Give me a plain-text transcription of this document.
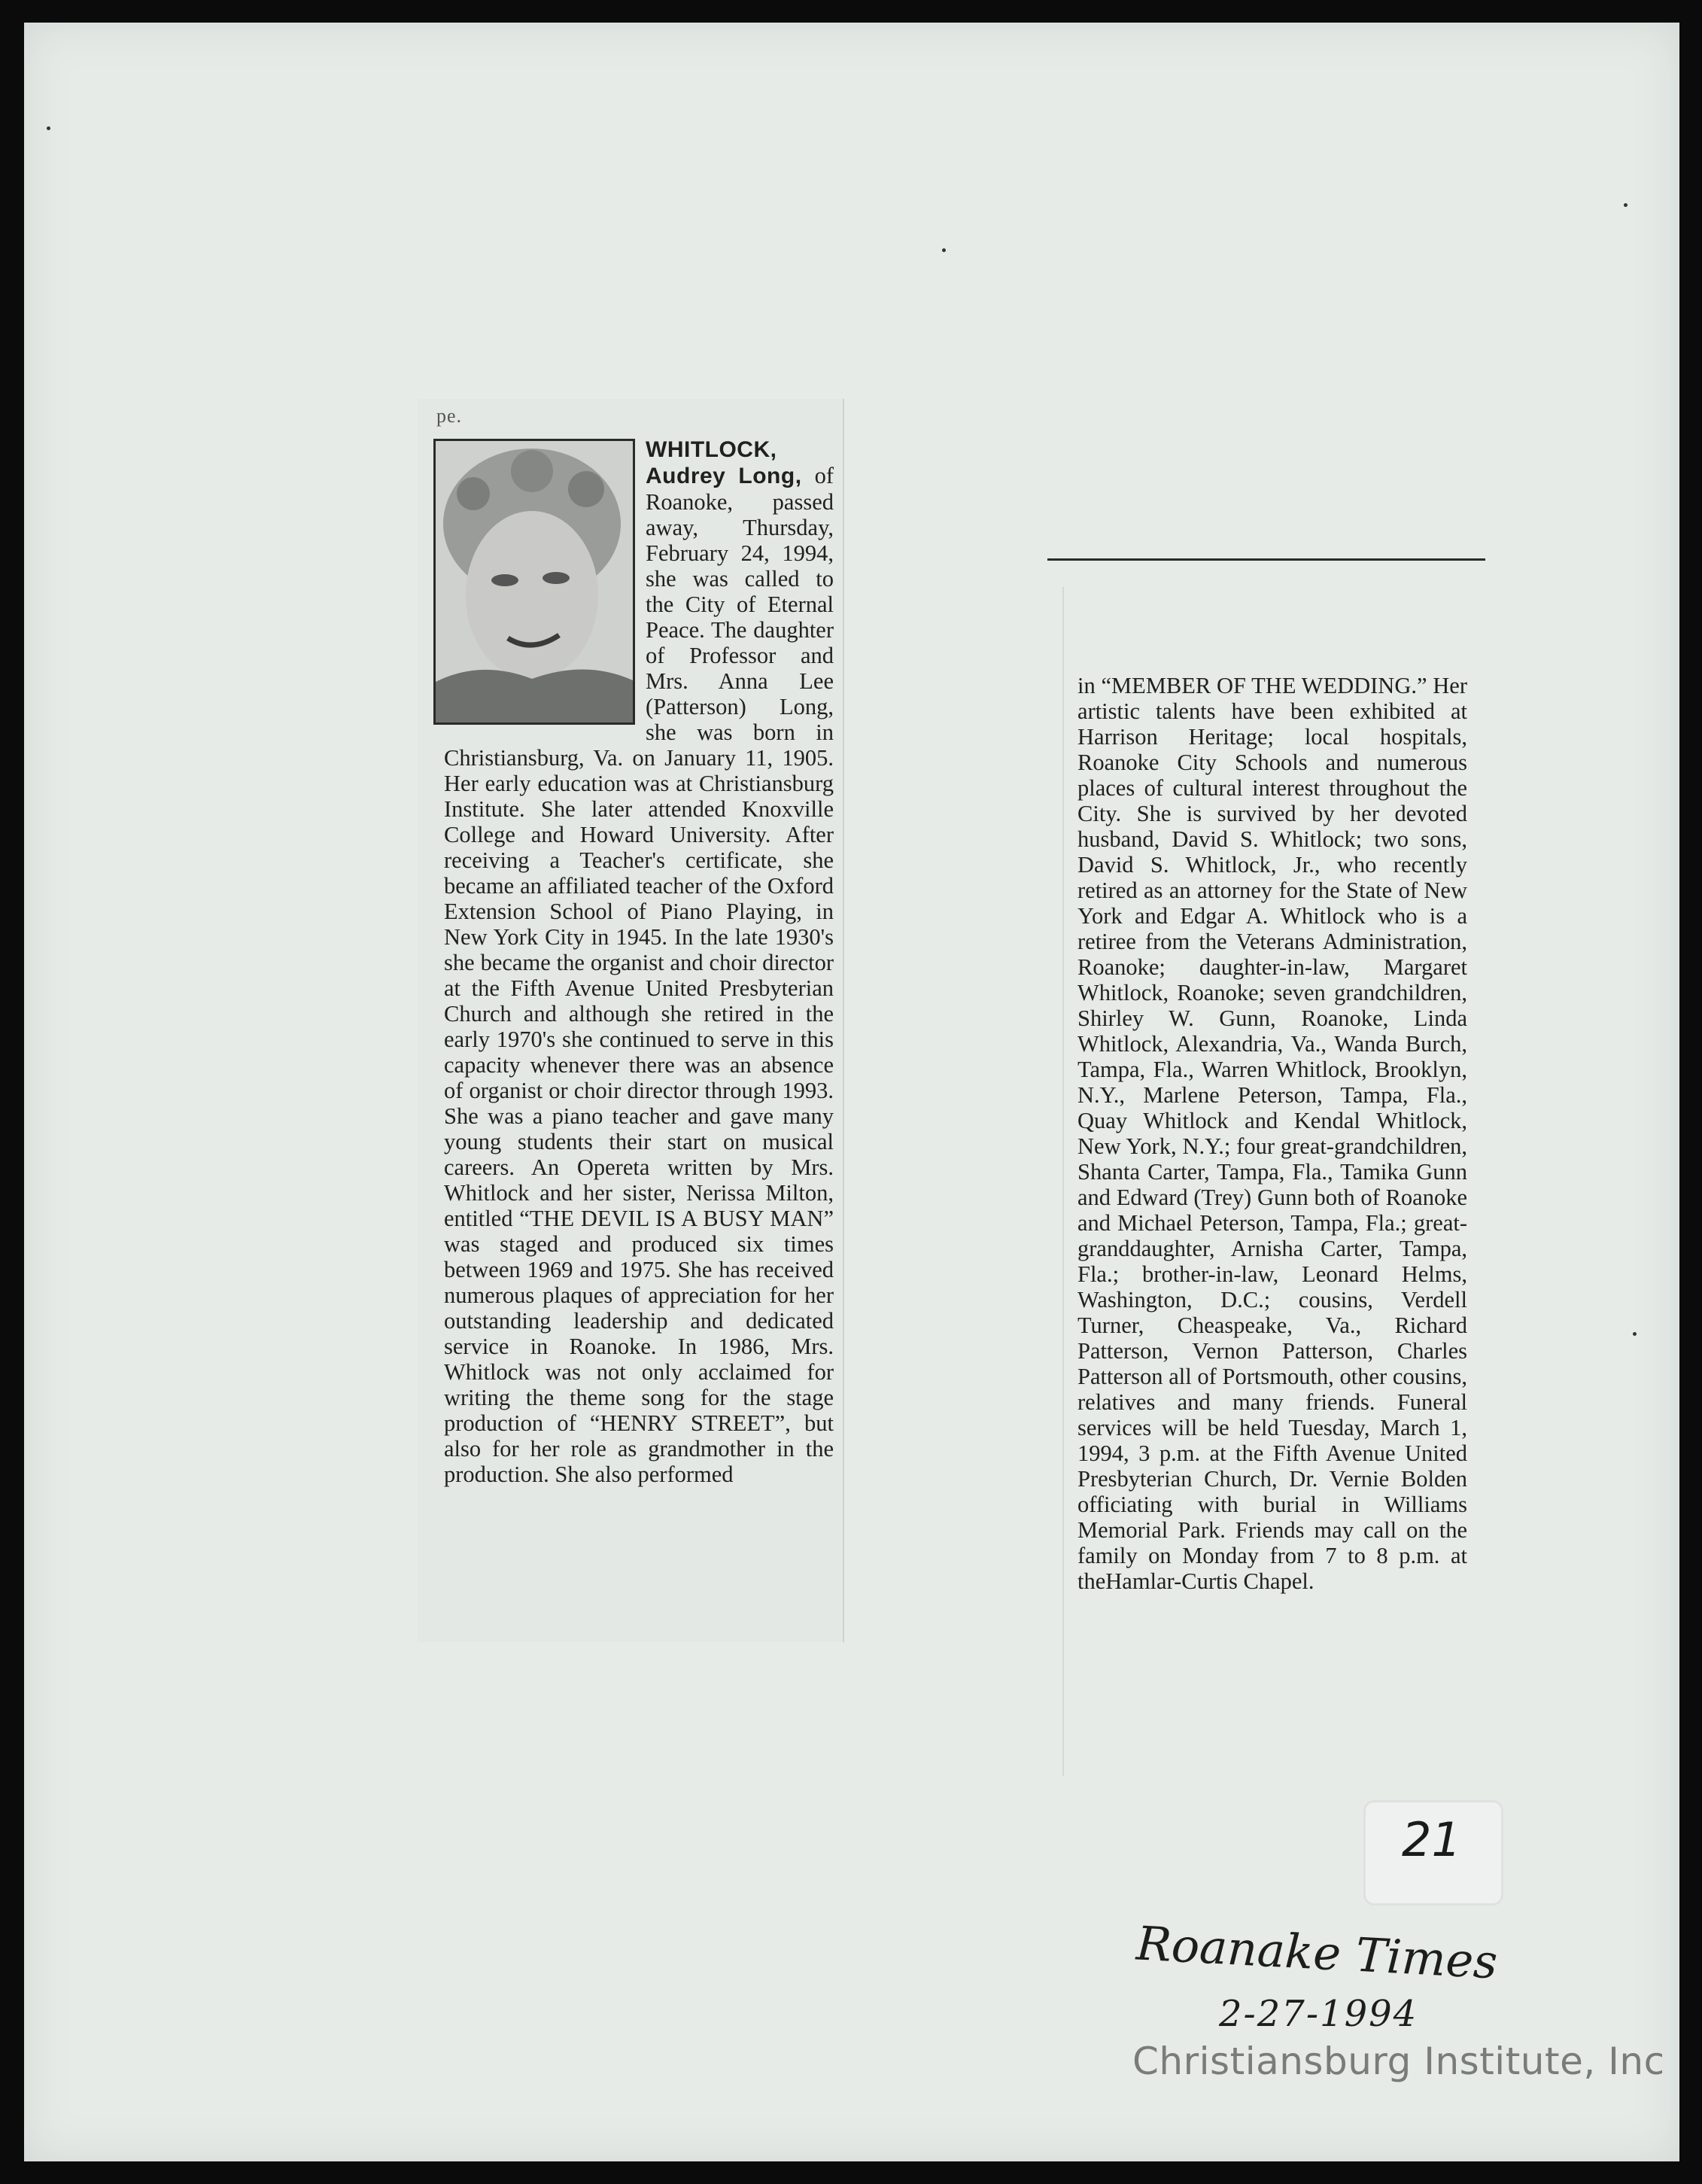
pe.
WHITLOCK, Audrey Long, of Roanoke, passed away, Thursday, February 24, 1994, she was called to the City of Eternal Peace. The daughter of Professor and Mrs. Anna Lee (Patterson) Long, she was born in Christiansburg, Va. on January 11, 1905. Her early education was at Christiansburg Institute. She later attended Knoxville College and Howard University. After receiving a Teacher's certificate, she became an affiliated teacher of the Oxford Extension School of Piano Playing, in New York City in 1945. In the late 1930's she became the organist and choir director at the Fifth Avenue United Presbyterian Church and although she retired in the early 1970's she continued to serve in this capacity whenever there was an absence of organist or choir director through 1993. She was a piano teacher and gave many young students their start on musical careers. An Opereta written by Mrs. Whitlock and her sister, Nerissa Milton, entitled “THE DEVIL IS A BUSY MAN” was staged and produced six times between 1969 and 1975. She has received numerous plaques of appreciation for her outstanding leadership and dedicated service in Roanoke. In 1986, Mrs. Whitlock was not only acclaimed for writing the theme song for the stage production of “HENRY STREET”, but also for her role as grandmother in the production. She also performed
in “MEMBER OF THE WEDDING.” Her artistic talents have been exhibited at Harrison Heritage; local hospitals, Roanoke City Schools and numerous places of cultural interest throughout the City. She is survived by her devoted husband, David S. Whitlock; two sons, David S. Whitlock, Jr., who recently retired as an attorney for the State of New York and Edgar A. Whitlock who is a retiree from the Veterans Administration, Roanoke; daughter-in-law, Margaret Whitlock, Roanoke; seven grandchildren, Shirley W. Gunn, Roanoke, Linda Whitlock, Alexandria, Va., Wanda Burch, Tampa, Fla., Warren Whitlock, Brooklyn, N.Y., Marlene Peterson, Tampa, Fla., Quay Whitlock and Kendal Whitlock, New York, N.Y.; four great-grandchildren, Shanta Carter, Tampa, Fla., Tamika Gunn and Edward (Trey) Gunn both of Roanoke and Michael Peterson, Tampa, Fla.; great-granddaughter, Arnisha Carter, Tampa, Fla.; brother-in-law, Leonard Helms, Washington, D.C.; cousins, Verdell Turner, Cheaspeake, Va., Richard Patterson, Vernon Patterson, Charles Patterson all of Portsmouth, other cousins, relatives and many friends. Funeral services will be held Tuesday, March 1, 1994, 3 p.m. at the Fifth Avenue United Presbyterian Church, Dr. Vernie Bolden officiating with burial in Williams Memorial Park. Friends may call on the family on Monday from 7 to 8 p.m. at theHamlar-Curtis Chapel.
21
Roanake Times
2-27-1994
Christiansburg Institute, Inc
